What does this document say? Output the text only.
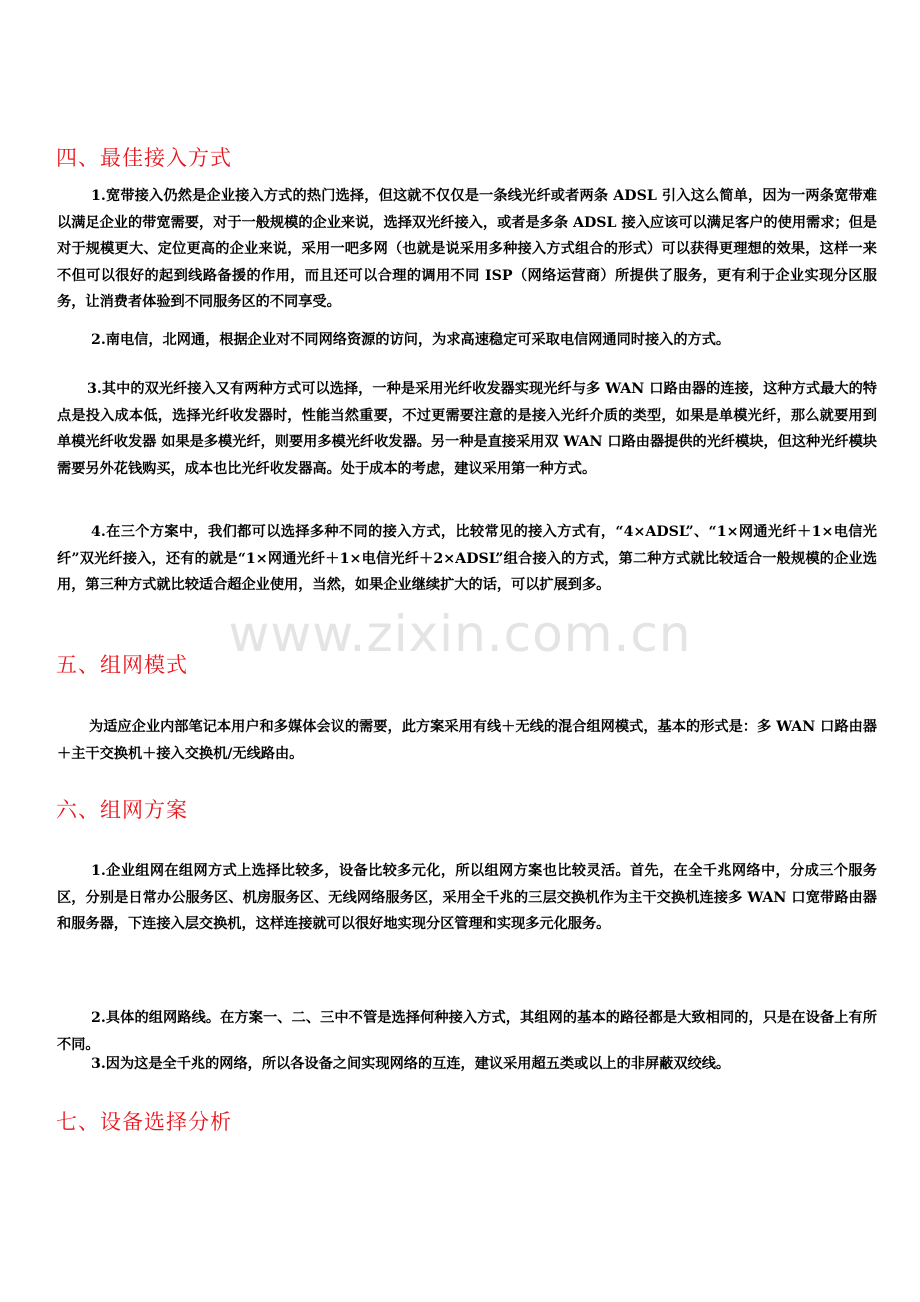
www.zixin.com.cn
四、最佳接入方式

1.宽带接入仍然是企业接入方式的热门选择，但这就不仅仅是一条线光纤或者两条 ADSL 引入这么简单，因为一两条宽带难以满足企业的带宽需要，对于一般规模的企业来说，选择双光纤接入，或者是多条 ADSL 接入应该可以满足客户的使用需求；但是对于规模更大、定位更高的企业来说，采用一吧多网（也就是说采用多种接入方式组合的形式）可以获得更理想的效果，这样一来不但可以很好的起到线路备援的作用，而且还可以合理的调用不同 ISP（网络运营商）所提供了服务，更有利于企业实现分区服务，让消费者体验到不同服务区的不同享受。

2.南电信，北网通，根据企业对不同网络资源的访问，为求高速稳定可采取电信网通同时接入的方式。

3.其中的双光纤接入又有两种方式可以选择，一种是采用光纤收发器实现光纤与多 WAN 口路由器的连接，这种方式最大的特点是投入成本低，选择光纤收发器时，性能当然重要，不过更需要注意的是接入光纤介质的类型，如果是单模光纤，那么就要用到单模光纤收发器 如果是多模光纤，则要用多模光纤收发器。另一种是直接采用双 WAN 口路由器提供的光纤模块，但这种光纤模块需要另外花钱购买，成本也比光纤收发器高。处于成本的考虑，建议采用第一种方式。

4.在三个方案中，我们都可以选择多种不同的接入方式，比较常见的接入方式有，“4×ADSL”、“1×网通光纤＋1×电信光纤”双光纤接入，还有的就是“1×网通光纤＋1×电信光纤＋2×ADSL”组合接入的方式，第二种方式就比较适合一般规模的企业选用，第三种方式就比较适合超企业使用，当然，如果企业继续扩大的话，可以扩展到多。

五、组网模式

为适应企业内部笔记本用户和多媒体会议的需要，此方案采用有线＋无线的混合组网模式，基本的形式是：多 WAN 口路由器＋主干交换机＋接入交换机/无线路由。

六、组网方案

1.企业组网在组网方式上选择比较多，设备比较多元化，所以组网方案也比较灵活。首先，在全千兆网络中，分成三个服务区，分别是日常办公服务区、机房服务区、无线网络服务区，采用全千兆的三层交换机作为主干交换机连接多 WAN 口宽带路由器和服务器，下连接入层交换机，这样连接就可以很好地实现分区管理和实现多元化服务。

2.具体的组网路线。在方案一、二、三中不管是选择何种接入方式，其组网的基本的路径都是大致相同的，只是在设备上有所不同。

3.因为这是全千兆的网络，所以各设备之间实现网络的互连，建议采用超五类或以上的非屏蔽双绞线。

七、设备选择分析
